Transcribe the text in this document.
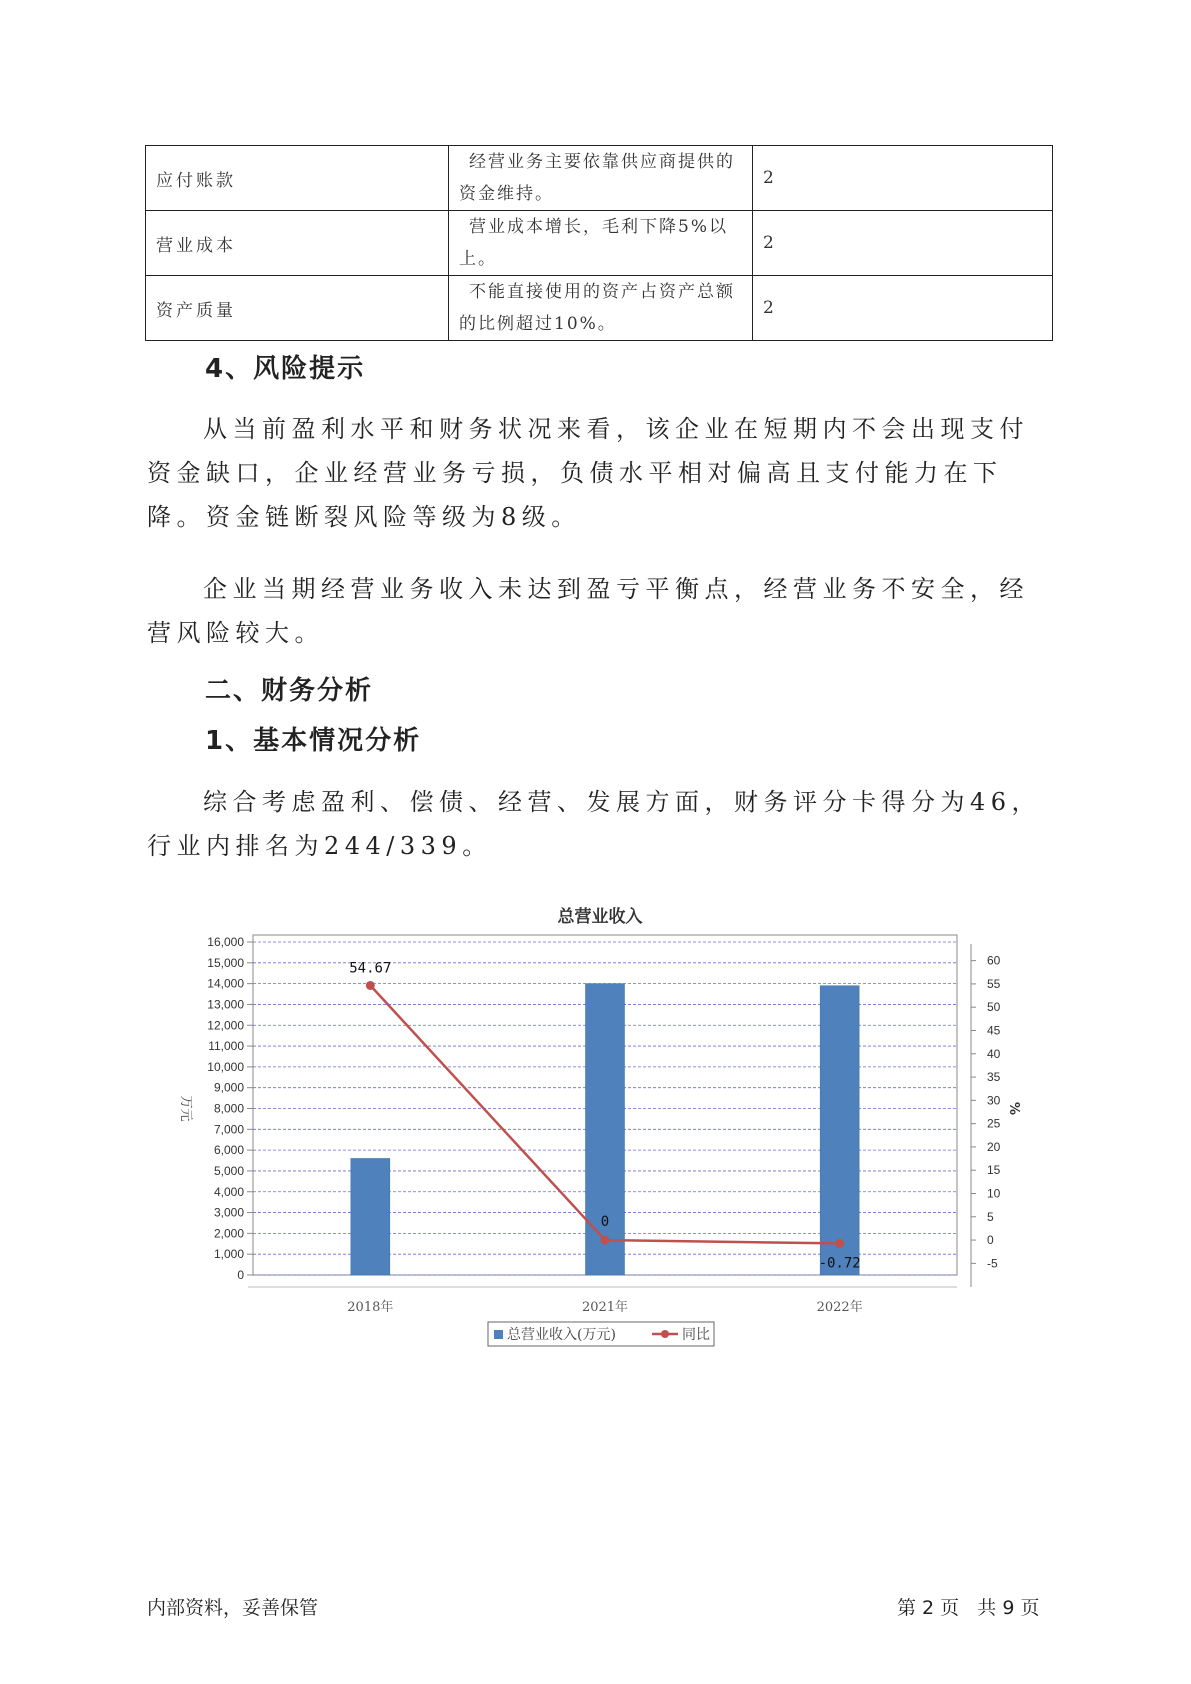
应付账款	经营业务主要依靠供应商提供的资金维持。	2
营业成本	营业成本增长，毛利下降5%以上。	2
资产质量	不能直接使用的资产占资产总额的比例超过10%。	2
4、风险提示

从当前盈利水平和财务状况来看，该企业在短期内不会出现支付资金缺口，企业经营业务亏损，负债水平相对偏高且支付能力在下降。资金链断裂风险等级为8级。

企业当期经营业务收入未达到盈亏平衡点，经营业务不安全，经营风险较大。

二、财务分析
1、基本情况分析

综合考虑盈利、偿债、经营、发展方面，财务评分卡得分为46，行业内排名为244/339。

总营业收入
0
1,000
2,000
3,000
4,000
5,000
6,000
7,000
8,000
9,000
10,000
11,000
12,000
13,000
14,000
15,000
16,000
-5
0
5
10
15
20
25
30
35
40
45
50
55
60
万元	%
2018年	2021年	2022年
54.67
0
-0.72
总营业收入(万元)	同比
内部资料，妥善保管	第 2 页   共 9 页
